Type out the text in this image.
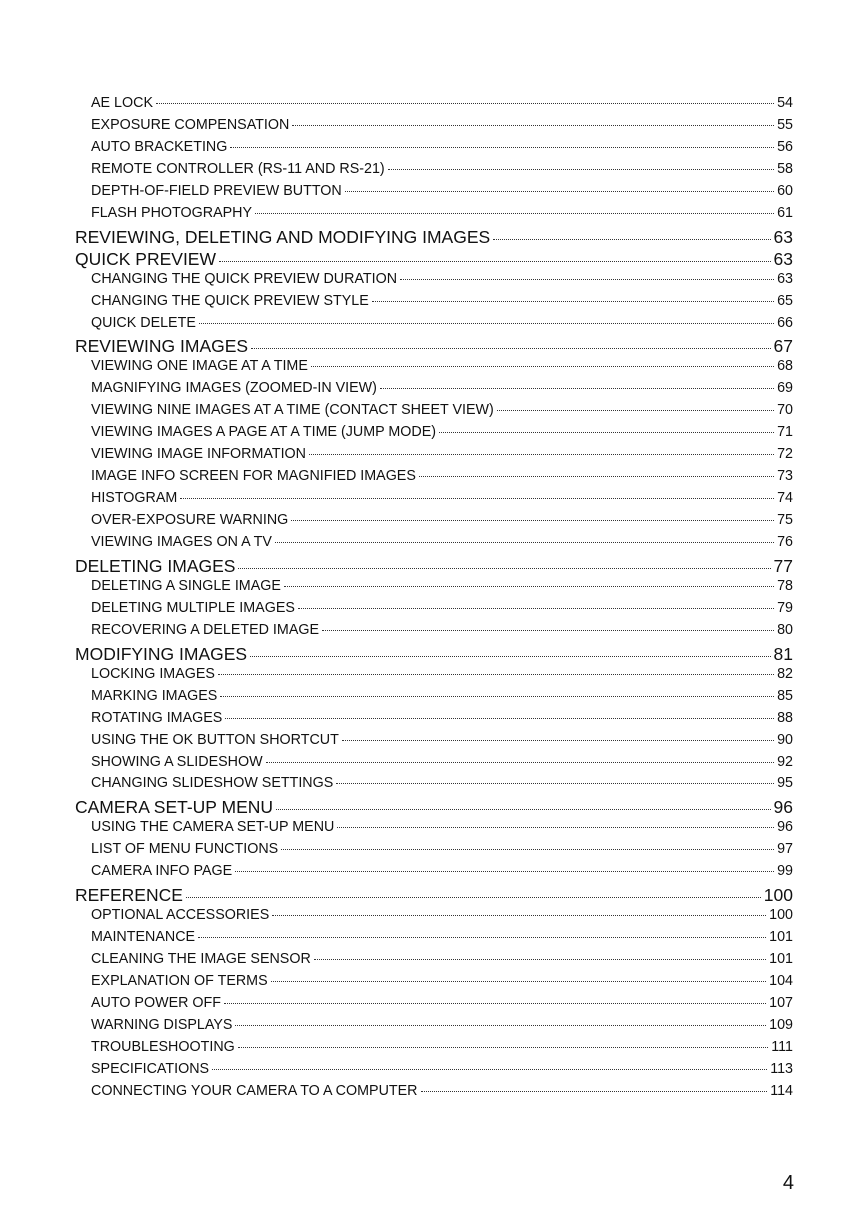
AE LOCK	54
EXPOSURE COMPENSATION	55
AUTO BRACKETING	56
REMOTE CONTROLLER (RS-11 AND RS-21)	58
DEPTH-OF-FIELD PREVIEW BUTTON	60
FLASH PHOTOGRAPHY	61
REVIEWING, DELETING AND MODIFYING IMAGES	63
QUICK PREVIEW	63
CHANGING THE QUICK PREVIEW DURATION	63
CHANGING THE QUICK PREVIEW STYLE	65
QUICK DELETE	66
REVIEWING IMAGES	67
VIEWING ONE IMAGE AT A TIME	68
MAGNIFYING IMAGES (ZOOMED-IN VIEW)	69
VIEWING NINE IMAGES AT A TIME (CONTACT SHEET VIEW)	70
VIEWING IMAGES A PAGE AT A TIME (JUMP MODE)	71
VIEWING IMAGE INFORMATION	72
IMAGE INFO SCREEN FOR MAGNIFIED IMAGES	73
HISTOGRAM	74
OVER-EXPOSURE WARNING	75
VIEWING IMAGES ON A TV	76
DELETING IMAGES	77
DELETING A SINGLE IMAGE	78
DELETING MULTIPLE IMAGES	79
RECOVERING A DELETED IMAGE	80
MODIFYING IMAGES	81
LOCKING IMAGES	82
MARKING IMAGES	85
ROTATING IMAGES	88
USING THE OK BUTTON SHORTCUT	90
SHOWING A SLIDESHOW	92
CHANGING SLIDESHOW SETTINGS	95
CAMERA SET-UP MENU	96
USING THE CAMERA SET-UP MENU	96
LIST OF MENU FUNCTIONS	97
CAMERA INFO PAGE	99
REFERENCE	100
OPTIONAL ACCESSORIES	100
MAINTENANCE	101
CLEANING THE IMAGE SENSOR	101
EXPLANATION OF TERMS	104
AUTO POWER OFF	107
WARNING DISPLAYS	109
TROUBLESHOOTING	111
SPECIFICATIONS	113
CONNECTING YOUR CAMERA TO A COMPUTER	114
4
